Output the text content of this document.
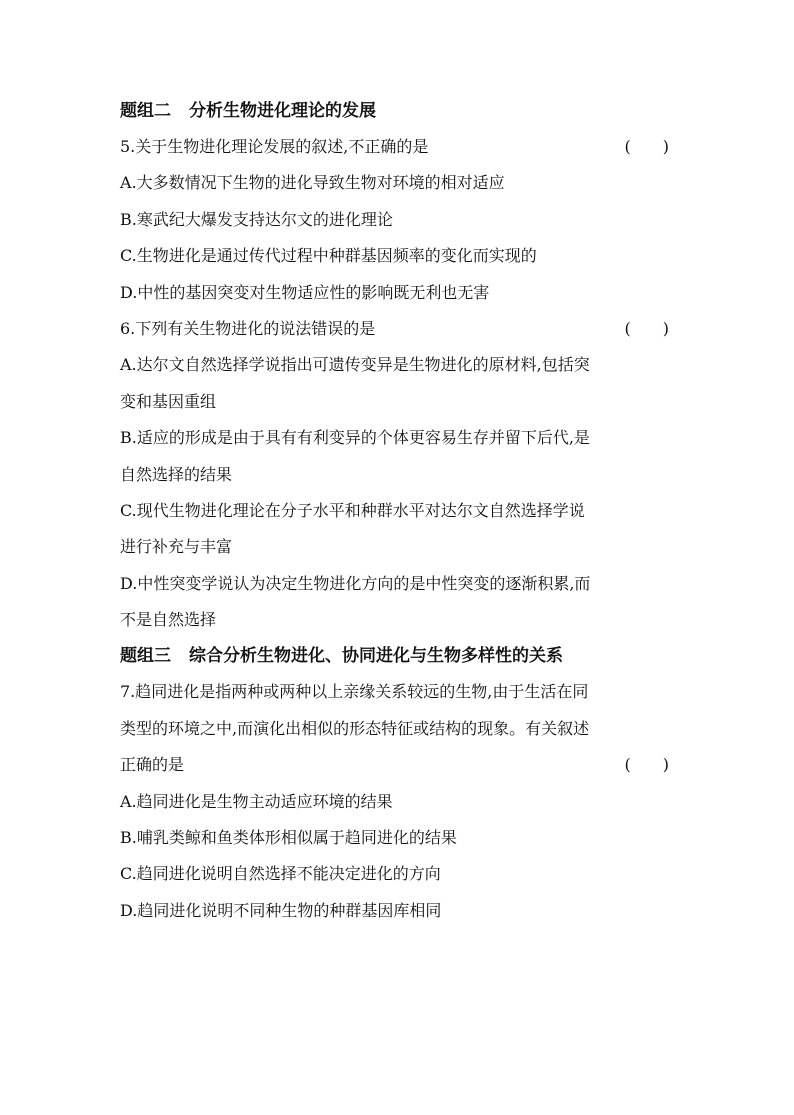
题组二 分析生物进化理论的发展
5.关于生物进化理论发展的叙述,不正确的是	(　　)
A.大多数情况下生物的进化导致生物对环境的相对适应
B.寒武纪大爆发支持达尔文的进化理论
C.生物进化是通过传代过程中种群基因频率的变化而实现的
D.中性的基因突变对生物适应性的影响既无利也无害
6.下列有关生物进化的说法错误的是	(　　)
A.达尔文自然选择学说指出可遗传变异是生物进化的原材料,包括突
变和基因重组
B.适应的形成是由于具有有利变异的个体更容易生存并留下后代,是
自然选择的结果
C.现代生物进化理论在分子水平和种群水平对达尔文自然选择学说
进行补充与丰富
D.中性突变学说认为决定生物进化方向的是中性突变的逐渐积累,而
不是自然选择
题组三 综合分析生物进化、协同进化与生物多样性的关系
7.趋同进化是指两种或两种以上亲缘关系较远的生物,由于生活在同
类型的环境之中,而演化出相似的形态特征或结构的现象。有关叙述
正确的是	(　　)
A.趋同进化是生物主动适应环境的结果
B.哺乳类鲸和鱼类体形相似属于趋同进化的结果
C.趋同进化说明自然选择不能决定进化的方向
D.趋同进化说明不同种生物的种群基因库相同
